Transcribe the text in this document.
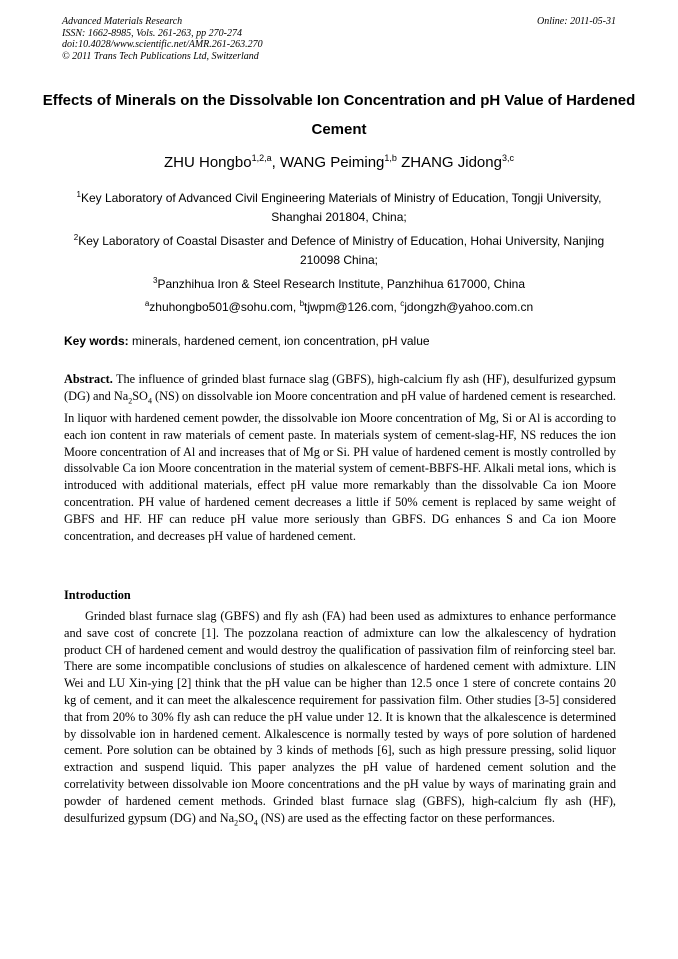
Advanced Materials Research
ISSN: 1662-8985, Vols. 261-263, pp 270-274
doi:10.4028/www.scientific.net/AMR.261-263.270
© 2011 Trans Tech Publications Ltd, Switzerland
Online: 2011-05-31
Effects of Minerals on the Dissolvable Ion Concentration and pH Value of Hardened Cement
ZHU Hongbo$^{1,2,a}$, WANG Peiming$^{1,b}$ ZHANG Jidong$^{3,c}$
$^1$Key Laboratory of Advanced Civil Engineering Materials of Ministry of Education, Tongji University, Shanghai 201804, China;
$^2$Key Laboratory of Coastal Disaster and Defence of Ministry of Education, Hohai University, Nanjing 210098 China;
$^3$Panzhihua Iron & Steel Research Institute, Panzhihua 617000, China
$^a$zhuhongbo501@sohu.com, $^b$tjwpm@126.com, $^c$jdongzh@yahoo.com.cn
Key words: minerals, hardened cement, ion concentration, pH value

Abstract. The influence of grinded blast furnace slag (GBFS), high-calcium fly ash (HF), desulfurized gypsum (DG) and $Na_2SO_4$ (NS) on dissolvable ion Moore concentration and pH value of hardened cement is researched. In liquor with hardened cement powder, the dissolvable ion Moore concentration of Mg, Si or Al is according to each ion content in raw materials of cement paste. In materials system of cement-slag-HF, NS reduces the ion Moore concentration of Al and increases that of Mg or Si. PH value of hardened cement is mostly controlled by dissolvable Ca ion Moore concentration in the material system of cement-BBFS-HF. Alkali metal ions, which is introduced with additional materials, effect pH value more remarkably than the dissolvable Ca ion Moore concentration. PH value of hardened cement decreases a little if 50% cement is replaced by same weight of GBFS and HF. HF can reduce pH value more seriously than GBFS. DG enhances S and Ca ion Moore concentration, and decreases pH value of hardened cement.

Introduction

Grinded blast furnace slag (GBFS) and fly ash (FA) had been used as admixtures to enhance performance and save cost of concrete [1]. The pozzolana reaction of admixture can low the alkalescency of hydration product CH of hardened cement and would destroy the qualification of passivation film of reinforcing steel bar. There are some incompatible conclusions of studies on alkalescence of hardened cement with admixture. LIN Wei and LU Xin-ying [2] think that the pH value can be higher than 12.5 once 1 stere of concrete contains 20 kg of cement, and it can meet the alkalescence requirement for passivation film. Other studies [3-5] considered that from 20% to 30% fly ash can reduce the pH value under 12. It is known that the alkalescence is determined by dissolvable ion in hardened cement. Alkalescence is normally tested by ways of pore solution of hardened cement. Pore solution can be obtained by 3 kinds of methods [6], such as high pressure pressing, solid liquor extraction and suspend liquid. This paper analyzes the pH value of hardened cement solution and the correlativity between dissolvable ion Moore concentrations and the pH value by ways of marinating grain and powder of hardened cement methods. Grinded blast furnace slag (GBFS), high-calcium fly ash (HF), desulfurized gypsum (DG) and $Na_2SO_4$ (NS) are used as the effecting factor on these performances.
